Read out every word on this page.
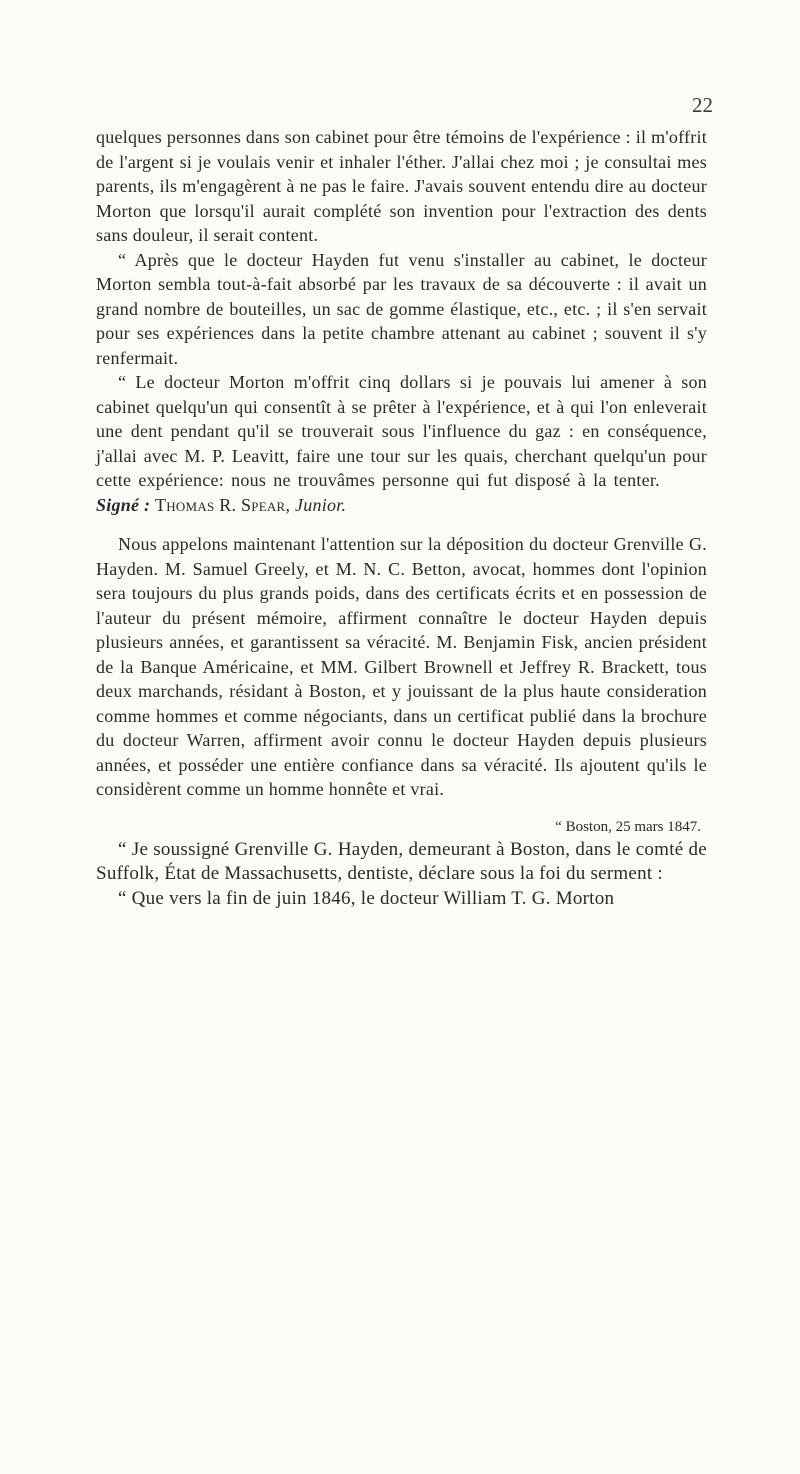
22

quelques personnes dans son cabinet pour être témoins de l'expérience : il m'offrit de l'argent si je voulais venir et inhaler l'éther. J'allai chez moi ; je consultai mes parents, ils m'engagèrent à ne pas le faire. J'avais souvent entendu dire au docteur Morton que lorsqu'il aurait complété son invention pour l'extraction des dents sans douleur, il serait content.

“ Après que le docteur Hayden fut venu s'installer au cabinet, le docteur Morton sembla tout-à-fait absorbé par les travaux de sa découverte : il avait un grand nombre de bouteilles, un sac de gomme élastique, etc., etc. ; il s'en servait pour ses expériences dans la petite chambre attenant au cabinet ; souvent il s'y renfermait.

“ Le docteur Morton m'offrit cinq dollars si je pouvais lui amener à son cabinet quelqu'un qui consentît à se prêter à l'expérience, et à qui l'on enleverait une dent pendant qu'il se trouverait sous l'influence du gaz : en conséquence, j'allai avec M. P. Leavitt, faire une tour sur les quais, cherchant quelqu'un pour cette expérience: nous ne trouvâmes personne qui fut disposé à la tenter.  Signé : Thomas R. Spear, Junior.

Nous appelons maintenant l'attention sur la déposition du docteur Grenville G. Hayden. M. Samuel Greely, et M. N. C. Betton, avocat, hommes dont l'opinion sera toujours du plus grands poids, dans des certificats écrits et en possession de l'auteur du présent mémoire, affirment connaître le docteur Hayden depuis plusieurs années, et garantissent sa véracité. M. Benjamin Fisk, ancien président de la Banque Américaine, et MM. Gilbert Brownell et Jeffrey R. Brackett, tous deux marchands, résidant à Boston, et y jouissant de la plus haute consideration comme hommes et comme négociants, dans un certificat publié dans la brochure du docteur Warren, affirment avoir connu le docteur Hayden depuis plusieurs années, et posséder une entière confiance dans sa véracité. Ils ajoutent qu'ils le considèrent comme un homme honnête et vrai.

“ Boston, 25 mars 1847.

“ Je soussigné Grenville G. Hayden, demeurant à Boston, dans le comté de Suffolk, État de Massachusetts, dentiste, déclare sous la foi du serment :

“ Que vers la fin de juin 1846, le docteur William T. G. Morton
